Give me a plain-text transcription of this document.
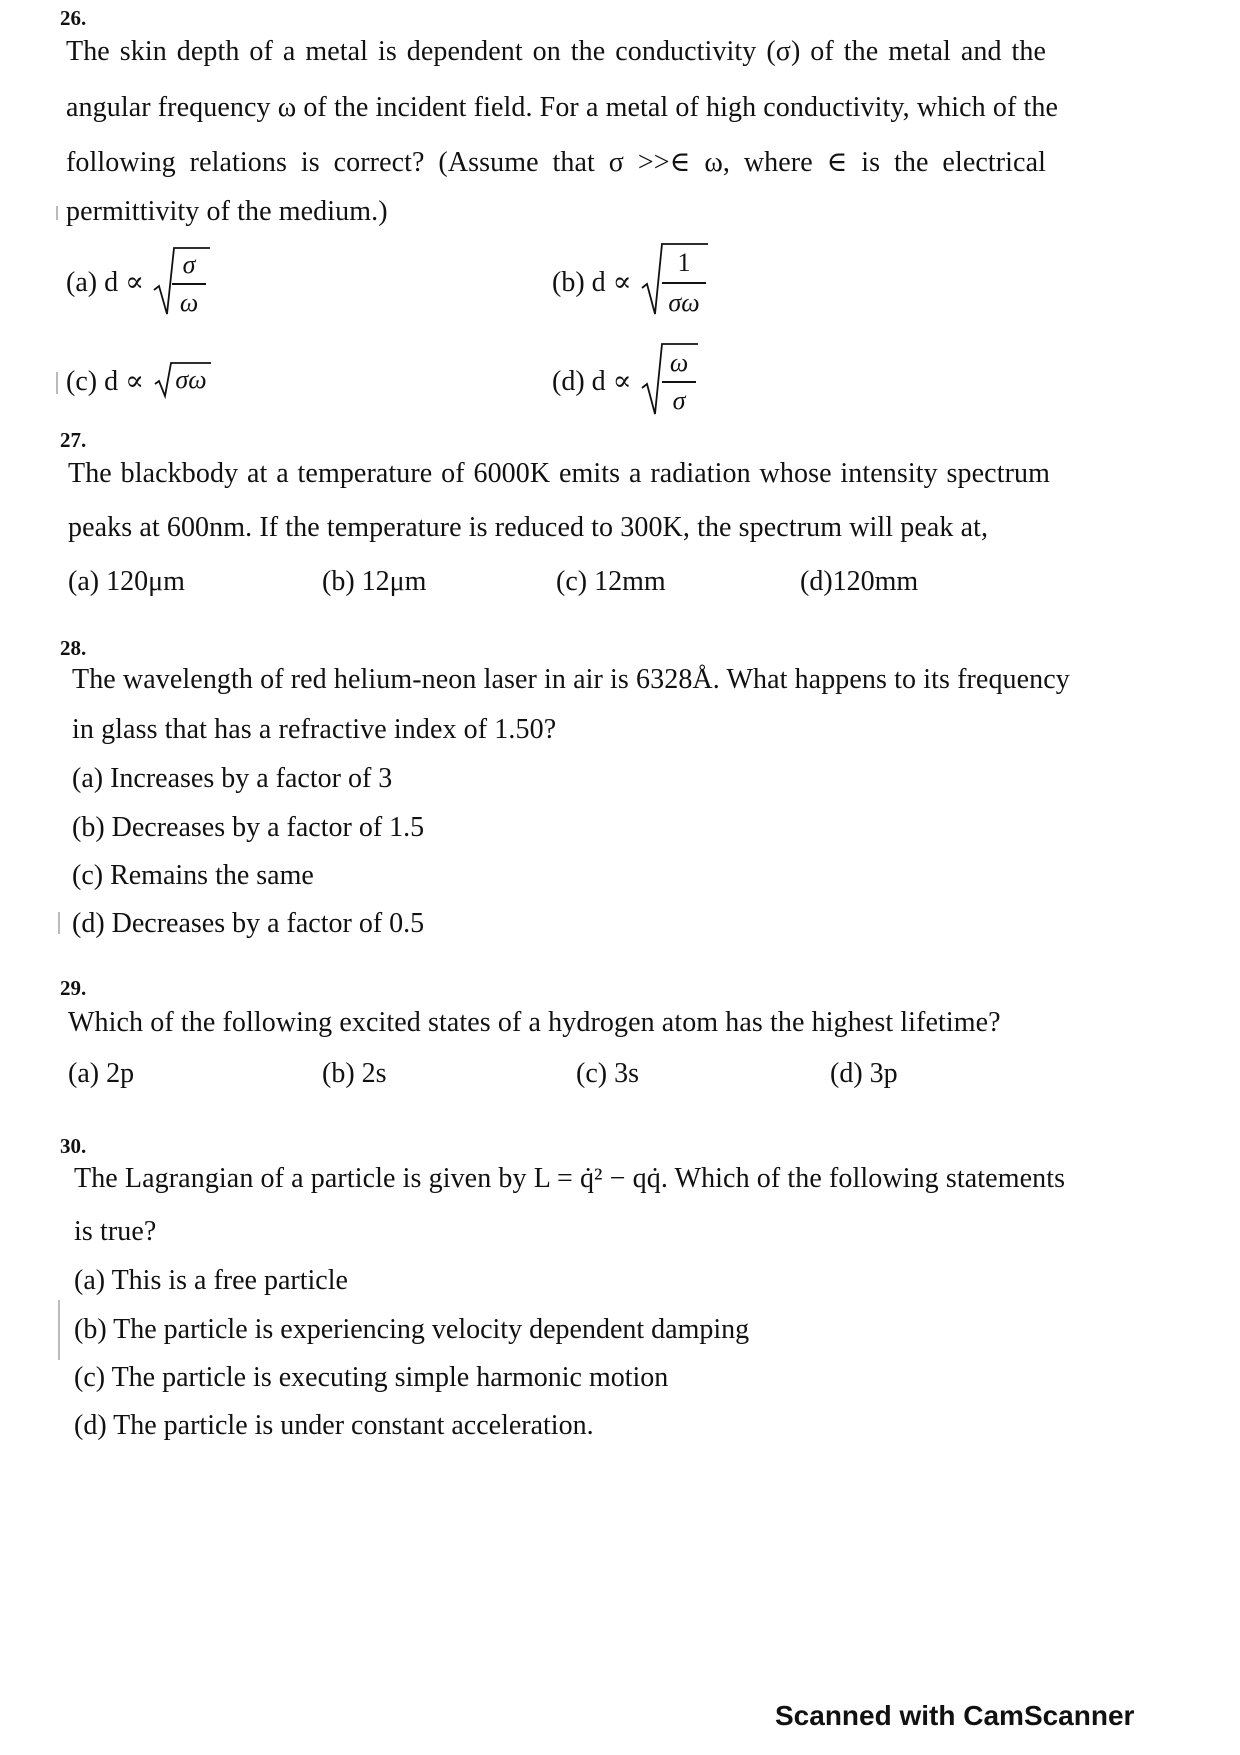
26.
The skin depth of a metal is dependent on the conductivity (σ) of the metal and the
angular frequency ω of the incident field. For a metal of high conductivity, which of the
following relations is correct? (Assume that σ >>∈ ω, where ∈ is the electrical
permittivity of the medium.)
(a) d ∝
σ
ω
(b) d ∝
1
σω
(c) d ∝ σω	(d) d ∝
ω
σ
27.
The blackbody at a temperature of 6000K emits a radiation whose intensity spectrum
peaks at 600nm. If the temperature is reduced to 300K, the spectrum will peak at,
(a) 120μm	(b) 12μm	(c) 12mm	(d)120mm
28.
The wavelength of red helium-neon laser in air is 6328Å. What happens to its frequency
in glass that has a refractive index of 1.50?
(a) Increases by a factor of 3
(b) Decreases by a factor of 1.5
(c) Remains the same
(d) Decreases by a factor of 0.5
29.
Which of the following excited states of a hydrogen atom has the highest lifetime?
(a) 2p	(b) 2s	(c) 3s	(d) 3p
30.
The Lagrangian of a particle is given by L = q̇² − qq̇. Which of the following statements
is true?
(a) This is a free particle
(b) The particle is experiencing velocity dependent damping
(c) The particle is executing simple harmonic motion
(d) The particle is under constant acceleration.
Scanned with CamScanner
